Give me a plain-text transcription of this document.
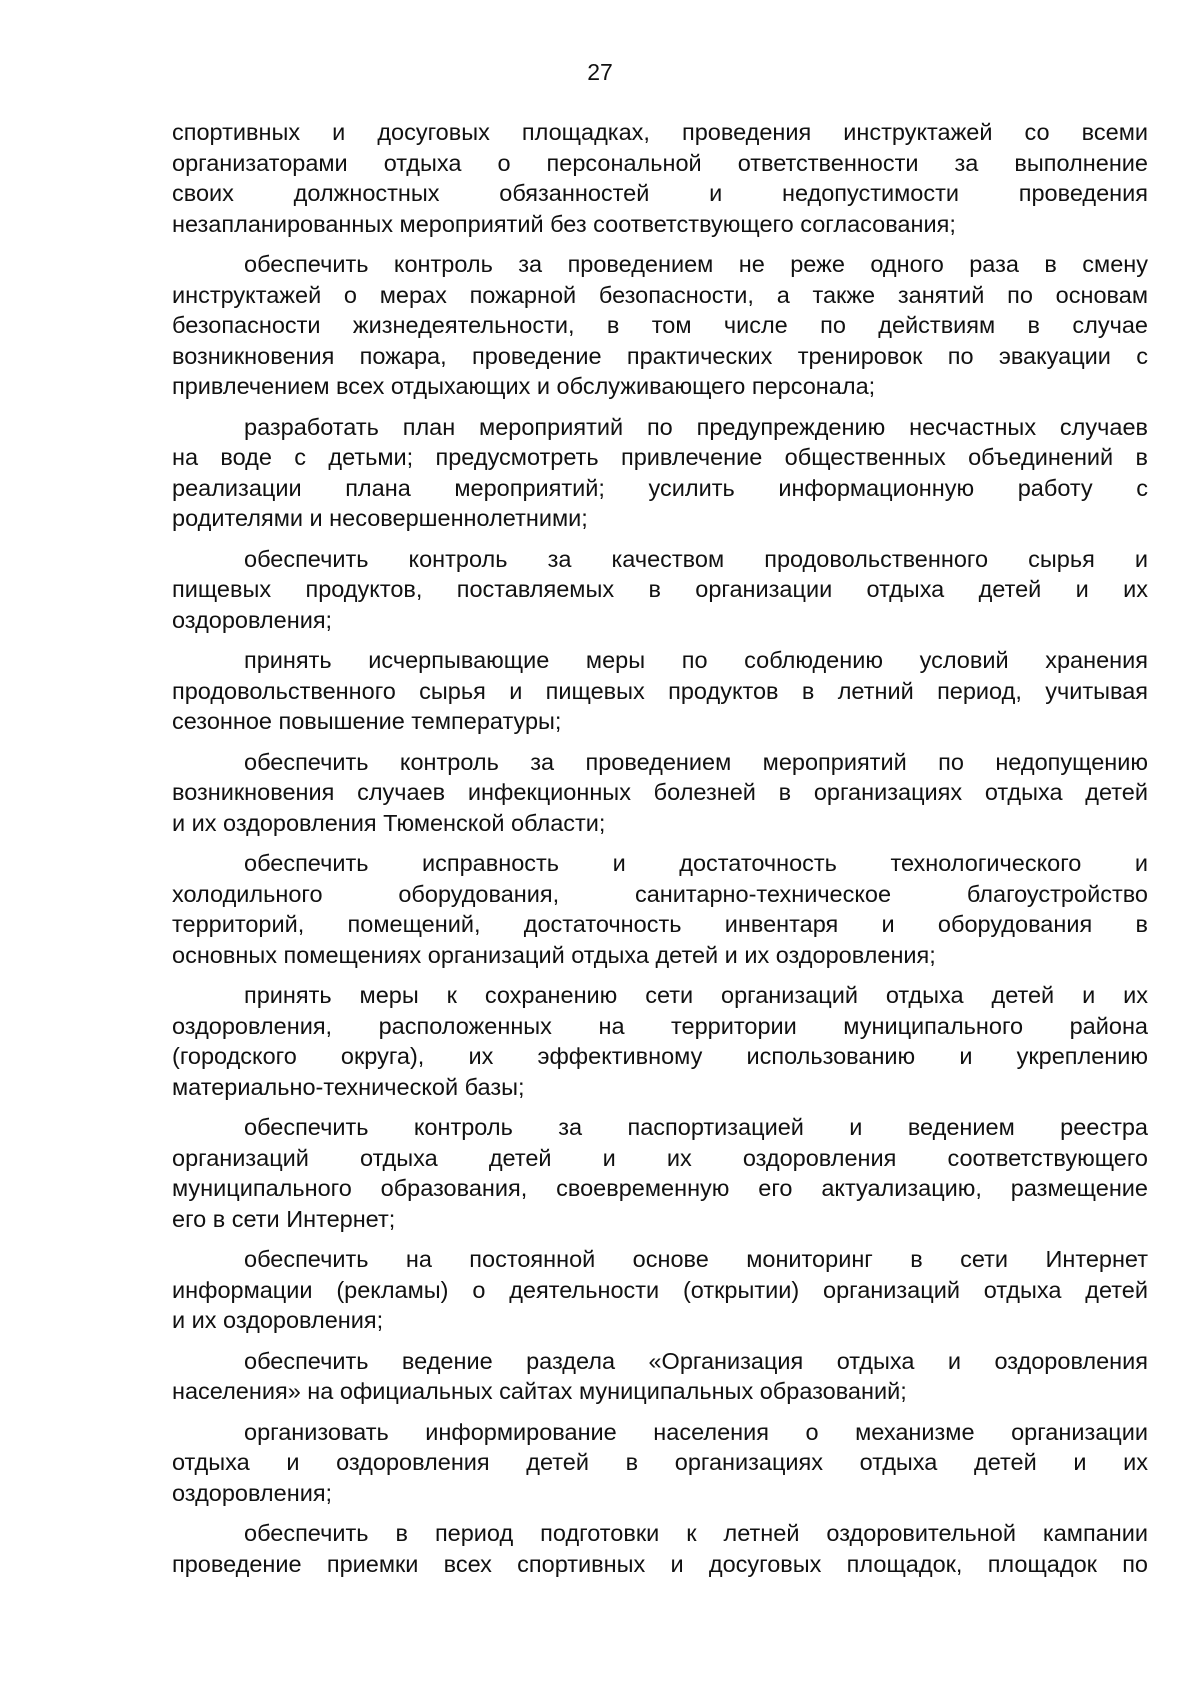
27
спортивных и досуговых площадках, проведения инструктажей со всеми
организаторами отдыха о персональной ответственности за выполнение
своих должностных обязанностей и недопустимости проведения
незапланированных мероприятий без соответствующего согласования;
обеспечить контроль за проведением не реже одного раза в смену
инструктажей о мерах пожарной безопасности, а также занятий по основам
безопасности жизнедеятельности, в том числе по действиям в случае
возникновения пожара, проведение практических тренировок по эвакуации с
привлечением всех отдыхающих и обслуживающего персонала;
разработать план мероприятий по предупреждению несчастных случаев
на воде с детьми; предусмотреть привлечение общественных объединений в
реализации плана мероприятий; усилить информационную работу с
родителями и несовершеннолетними;
обеспечить контроль за качеством продовольственного сырья и
пищевых продуктов, поставляемых в организации отдыха детей и их
оздоровления;
принять исчерпывающие меры по соблюдению условий хранения
продовольственного сырья и пищевых продуктов в летний период, учитывая
сезонное повышение температуры;
обеспечить контроль за проведением мероприятий по недопущению
возникновения случаев инфекционных болезней в организациях отдыха детей
и их оздоровления Тюменской области;
обеспечить исправность и достаточность технологического и
холодильного оборудования, санитарно-техническое благоустройство
территорий, помещений, достаточность инвентаря и оборудования в
основных помещениях организаций отдыха детей и их оздоровления;
принять меры к сохранению сети организаций отдыха детей и их
оздоровления, расположенных на территории муниципального района
(городского округа), их эффективному использованию и укреплению
материально-технической базы;
обеспечить контроль за паспортизацией и ведением реестра
организаций отдыха детей и их оздоровления соответствующего
муниципального образования, своевременную его актуализацию, размещение
его в сети Интернет;
обеспечить на постоянной основе мониторинг в сети Интернет
информации (рекламы) о деятельности (открытии) организаций отдыха детей
и их оздоровления;
обеспечить ведение раздела «Организация отдыха и оздоровления
населения» на официальных сайтах муниципальных образований;
организовать информирование населения о механизме организации
отдыха и оздоровления детей в организациях отдыха детей и их
оздоровления;
обеспечить в период подготовки к летней оздоровительной кампании
проведение приемки всех спортивных и досуговых площадок, площадок по
